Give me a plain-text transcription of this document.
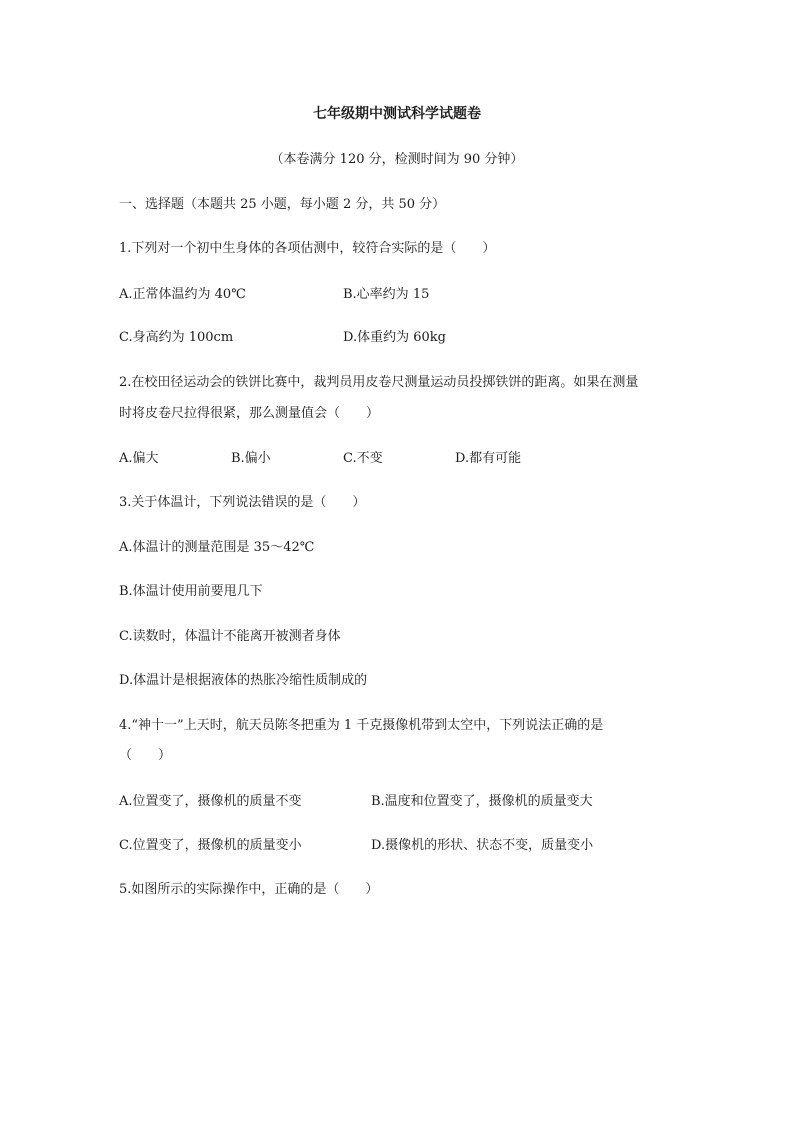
七年级期中测试科学试题卷
（本卷满分 120 分，检测时间为 90 分钟）
一、选择题（本题共 25 小题，每小题 2 分，共 50 分）
1.下列对一个初中生身体的各项估测中，较符合实际的是（　　）
A.正常体温约为 40℃	B.心率约为 15
C.身高约为 100cm	D.体重约为 60kg
2.在校田径运动会的铁饼比赛中，裁判员用皮卷尺测量运动员投掷铁饼的距离。如果在测量
时将皮卷尺拉得很紧，那么测量值会（　　）
A.偏大	B.偏小	C.不变	D.都有可能
3.关于体温计，下列说法错误的是（　　）
A.体温计的测量范围是 35～42℃
B.体温计使用前要甩几下
C.读数时，体温计不能离开被测者身体
D.体温计是根据液体的热胀冷缩性质制成的
4.“神十一”上天时，航天员陈冬把重为 1 千克摄像机带到太空中，下列说法正确的是
（　　）
A.位置变了，摄像机的质量不变	B.温度和位置变了，摄像机的质量变大
C.位置变了，摄像机的质量变小	D.摄像机的形状、状态不变，质量变小
5.如图所示的实际操作中，正确的是（　　）
